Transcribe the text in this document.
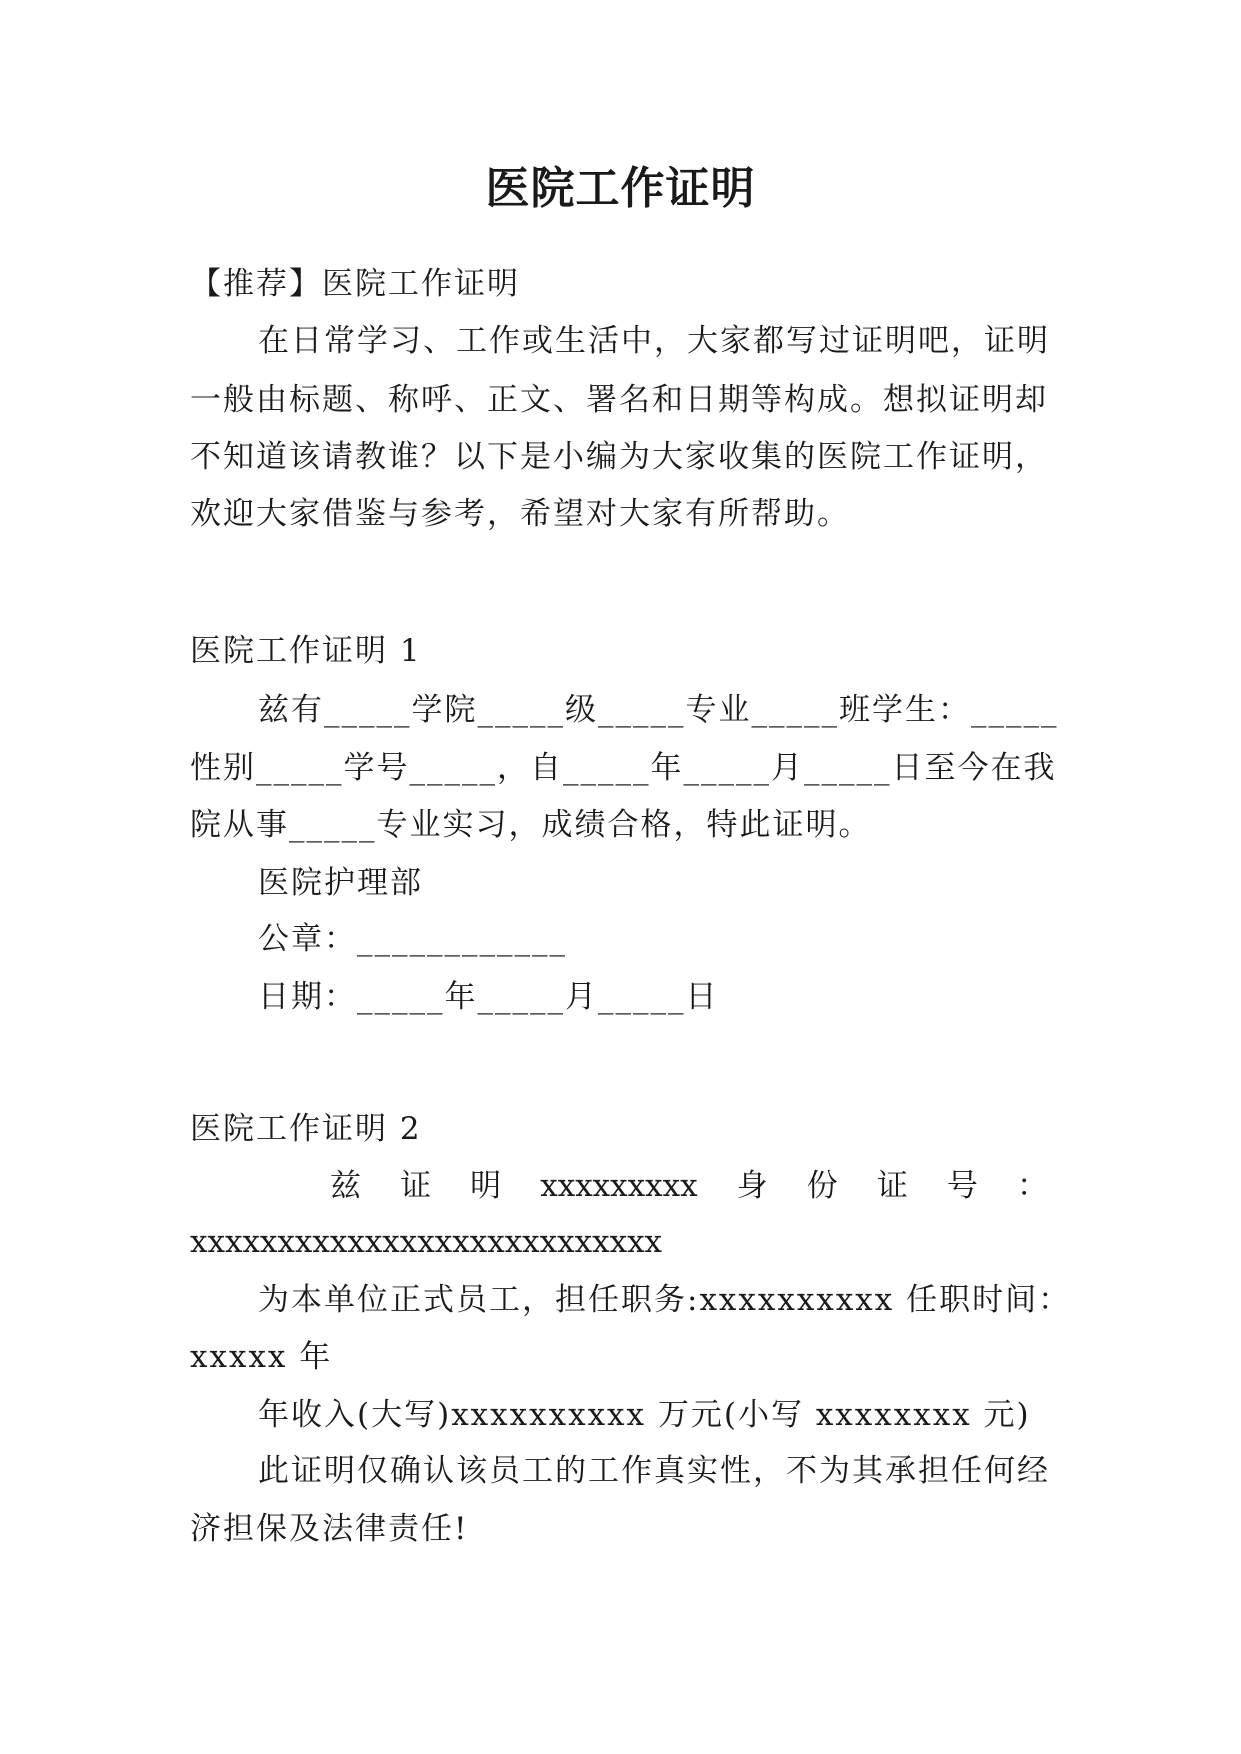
医院工作证明
【推荐】医院工作证明
在日常学习、工作或生活中，大家都写过证明吧，证明
一般由标题、称呼、正文、署名和日期等构成。想拟证明却
不知道该请教谁？以下是小编为大家收集的医院工作证明，
欢迎大家借鉴与参考，希望对大家有所帮助。
医院工作证明 1
兹有_____学院_____级_____专业_____班学生：_____
性别_____学号_____，自_____年_____月_____日至今在我
院从事_____专业实习，成绩合格，特此证明。
医院护理部
公章：____________
日期：_____年_____月_____日
医院工作证明 2
兹 证 明 xxxxxxxxx 身 份 证 号 ：
xxxxxxxxxxxxxxxxxxxxxxxxxxx
为本单位正式员工，担任职务:xxxxxxxxxx 任职时间：
xxxxx 年
年收入(大写)xxxxxxxxxx 万元(小写 xxxxxxxx 元)
此证明仅确认该员工的工作真实性，不为其承担任何经
济担保及法律责任!
